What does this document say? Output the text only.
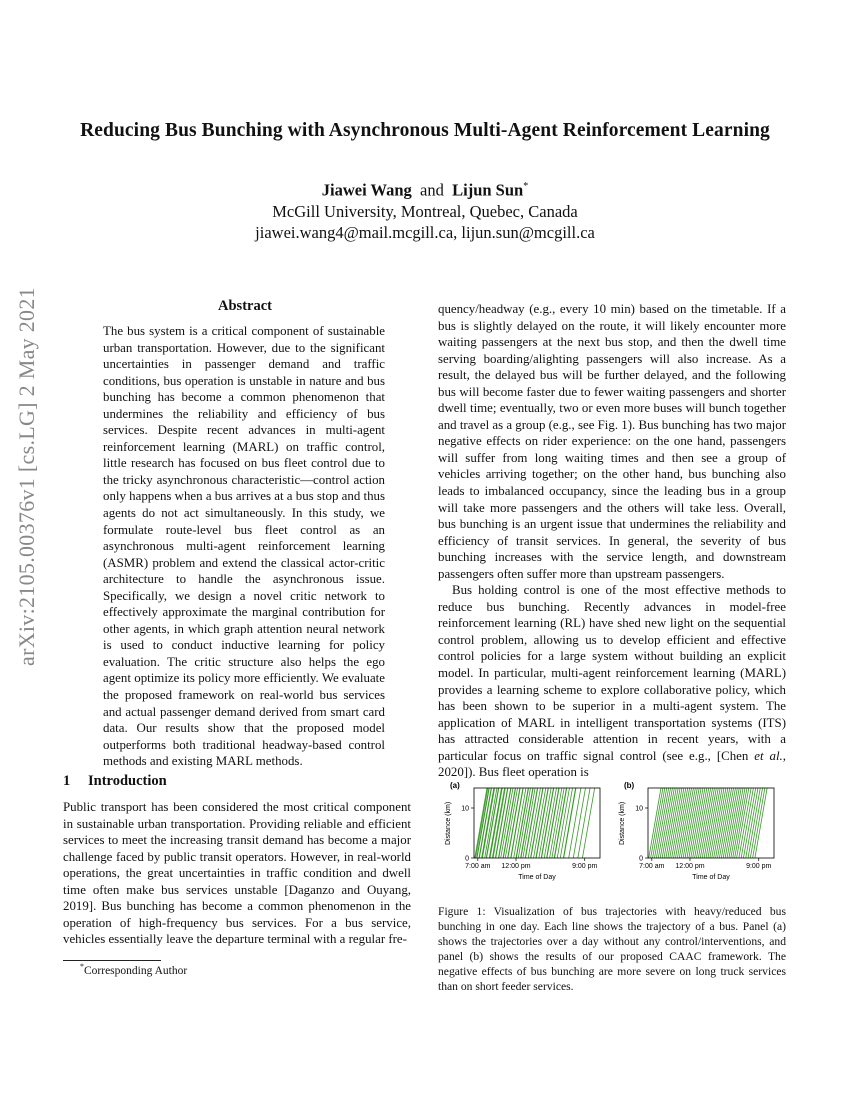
arXiv:2105.00376v1 [cs.LG] 2 May 2021
Reducing Bus Bunching with Asynchronous Multi-Agent Reinforcement Learning
Jiawei Wang and Lijun Sun*
McGill University, Montreal, Quebec, Canada
jiawei.wang4@mail.mcgill.ca, lijun.sun@mcgill.ca
Abstract
The bus system is a critical component of sustainable urban transportation. However, due to the significant uncertainties in passenger demand and traffic conditions, bus operation is unstable in nature and bus bunching has become a common phenomenon that undermines the reliability and efficiency of bus services. Despite recent advances in multi-agent reinforcement learning (MARL) on traffic control, little research has focused on bus fleet control due to the tricky asynchronous characteristic—control action only happens when a bus arrives at a bus stop and thus agents do not act simultaneously. In this study, we formulate route-level bus fleet control as an asynchronous multi-agent reinforcement learning (ASMR) problem and extend the classical actor-critic architecture to handle the asynchronous issue. Specifically, we design a novel critic network to effectively approximate the marginal contribution for other agents, in which graph attention neural network is used to conduct inductive learning for policy evaluation. The critic structure also helps the ego agent optimize its policy more efficiently. We evaluate the proposed framework on real-world bus services and actual passenger demand derived from smart card data. Our results show that the proposed model outperforms both traditional headway-based control methods and existing MARL methods.
1 Introduction
Public transport has been considered the most critical component in sustainable urban transportation. Providing reliable and efficient services to meet the increasing transit demand has become a major challenge faced by public transit operators. However, in real-world operations, the great uncertainties in traffic condition and dwell time often make bus services unstable [Daganzo and Ouyang, 2019]. Bus bunching has become a common phenomenon in the operation of high-frequency bus services. For a bus service, vehicles essentially leave the departure terminal with a regular fre-
*Corresponding Author

quency/headway (e.g., every 10 min) based on the timetable. If a bus is slightly delayed on the route, it will likely encounter more waiting passengers at the next bus stop, and then the dwell time serving boarding/alighting passengers will also increase. As a result, the delayed bus will be further delayed, and the following bus will become faster due to fewer waiting passengers and shorter dwell time; eventually, two or even more buses will bunch together and travel as a group (e.g., see Fig. 1). Bus bunching has two major negative effects on rider experience: on the one hand, passengers will suffer from long waiting times and then see a group of vehicles arriving together; on the other hand, bus bunching also leads to imbalanced occupancy, since the leading bus in a group will take more passengers and the others will take less. Overall, bus bunching is an urgent issue that undermines the reliability and efficiency of transit services. In general, the severity of bus bunching increases with the service length, and downstream passengers often suffer more than upstream passengers.

Bus holding control is one of the most effective methods to reduce bus bunching. Recently advances in model-free reinforcement learning (RL) have shed new light on the sequential control problem, allowing us to develop efficient and effective control policies for a large system without building an explicit model. In particular, multi-agent reinforcement learning (MARL) provides a learning scheme to explore collaborative policy, which has been shown to be superior in a multi-agent system. The application of MARL in intelligent transportation systems (ITS) has attracted considerable attention in recent years, with a particular focus on traffic signal control (see e.g., [Chen et al., 2020]). Bus fleet operation is

(a)
Distance (km)
0
10
7:00 am 12:00 pm	9:00 pm
Time of Day
(b)
Distance (km)
0
10
7:00 am 12:00 pm	9:00 pm
Time of Day
Figure 1: Visualization of bus trajectories with heavy/reduced bus bunching in one day. Each line shows the trajectory of a bus. Panel (a) shows the trajectories over a day without any control/interventions, and panel (b) shows the results of our proposed CAAC framework. The negative effects of bus bunching are more severe on long truck services than on short feeder services.
